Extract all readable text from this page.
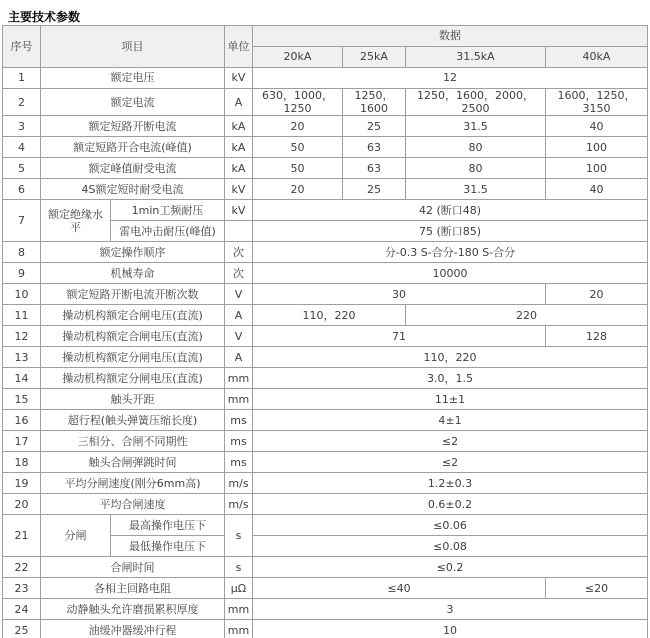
主要技术参数
序号	项目		单位	数据			
				20kA	25kA	31.5kA	40kA
1	额定电压		kV	12			
2	额定电流		A	630，1000，1250	1250，1600	1250，1600，2000，2500	1600，1250，3150
3	额定短路开断电流		kA	20	25	31.5	40
4	额定短路开合电流(峰值)		kA	50	63	80	100
5	额定峰值耐受电流		kA	50	63	80	100
6	4S额定短时耐受电流		kV	20	25	31.5	40
7	额定绝缘水平	1min工频耐压	kV	42 (断口48)			
		雷电冲击耐压(峰值)		75 (断口85)			
8	额定操作顺序		次	分-0.3 S-合分-180 S-合分			
9	机械寿命		次	10000			
10	额定短路开断电流开断次数		V	30			20
11	操动机构额定合闸电压(直流)		A	110，220		220	
12	操动机构额定合闸电压(直流)		V	71			128
13	操动机构额定分闸电压(直流)		A	110，220			
14	操动机构额定分闸电压(直流)		mm	3.0，1.5			
15	触头开距		mm	11±1			
16	超行程(触头弹簧压缩长度)		ms	4±1			
17	三相分、合闸不同期性		ms	≤2			
18	触头合闸弹跳时间		ms	≤2			
19	平均分闸速度(刚分6mm高)		m/s	1.2±0.3			
20	平均合闸速度		m/s	0.6±0.2			
21	分闸	最高操作电压下	s	≤0.06			
		最低操作电压下		≤0.08			
22	合闸时间		s	≤0.2			
23	各相主回路电阻		μΩ	≤40			≤20
24	动静触头允许磨损累积厚度		mm	3			
25	油缓冲器缓冲行程		mm	10			
